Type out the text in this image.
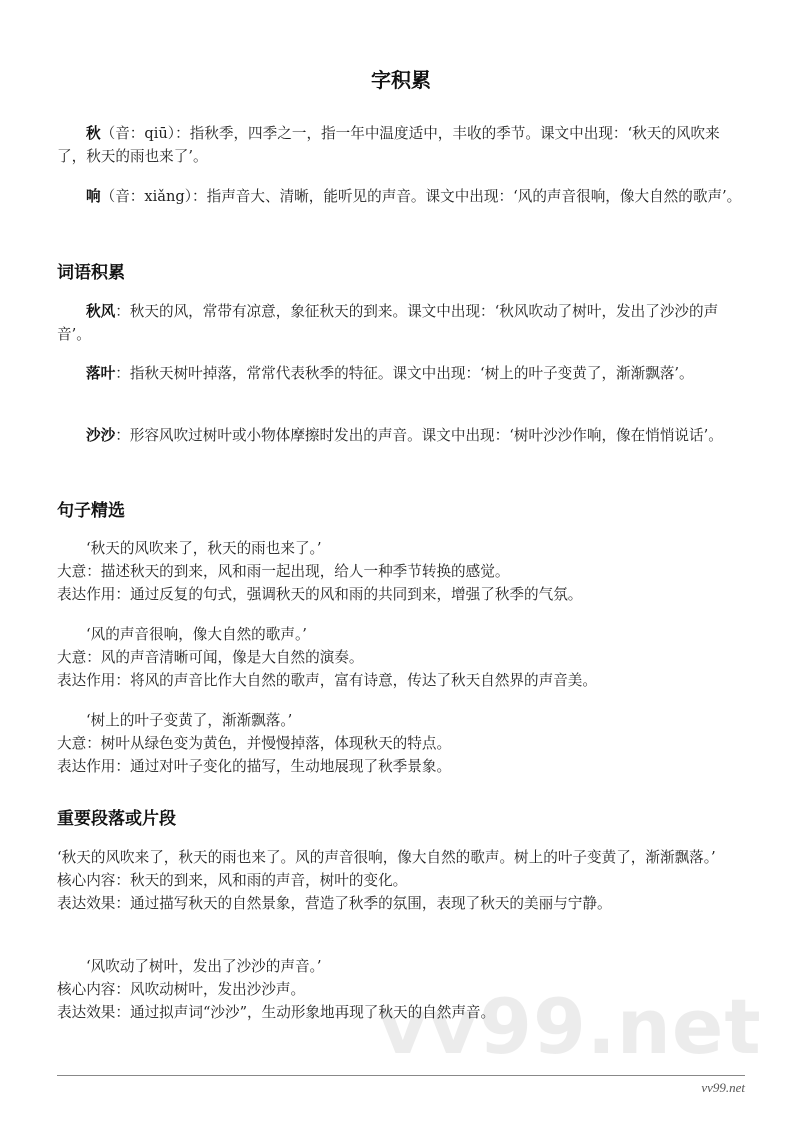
vv99.net
字积累

秋（音：qiū）：指秋季，四季之一，指一年中温度适中，丰收的季节。课文中出现：‘秋天的风吹来了，秋天的雨也来了’。

响（音：xiǎng）：指声音大、清晰，能听见的声音。课文中出现：‘风的声音很响，像大自然的歌声’。

词语积累

秋风：秋天的风，常带有凉意，象征秋天的到来。课文中出现：‘秋风吹动了树叶，发出了沙沙的声音’。

落叶：指秋天树叶掉落，常常代表秋季的特征。课文中出现：‘树上的叶子变黄了，渐渐飘落’。

沙沙：形容风吹过树叶或小物体摩擦时发出的声音。课文中出现：‘树叶沙沙作响，像在悄悄说话’。

句子精选

‘秋天的风吹来了，秋天的雨也来了。’

大意：描述秋天的到来，风和雨一起出现，给人一种季节转换的感觉。

表达作用：通过反复的句式，强调秋天的风和雨的共同到来，增强了秋季的气氛。

‘风的声音很响，像大自然的歌声。’

大意：风的声音清晰可闻，像是大自然的演奏。

表达作用：将风的声音比作大自然的歌声，富有诗意，传达了秋天自然界的声音美。

‘树上的叶子变黄了，渐渐飘落。’

大意：树叶从绿色变为黄色，并慢慢掉落，体现秋天的特点。

表达作用：通过对叶子变化的描写，生动地展现了秋季景象。

重要段落或片段

‘秋天的风吹来了，秋天的雨也来了。风的声音很响，像大自然的歌声。树上的叶子变黄了，渐渐飘落。’

核心内容：秋天的到来，风和雨的声音，树叶的变化。

表达效果：通过描写秋天的自然景象，营造了秋季的氛围，表现了秋天的美丽与宁静。

‘风吹动了树叶，发出了沙沙的声音。’

核心内容：风吹动树叶，发出沙沙声。

表达效果：通过拟声词“沙沙”，生动形象地再现了秋天的自然声音。

vv99.net
